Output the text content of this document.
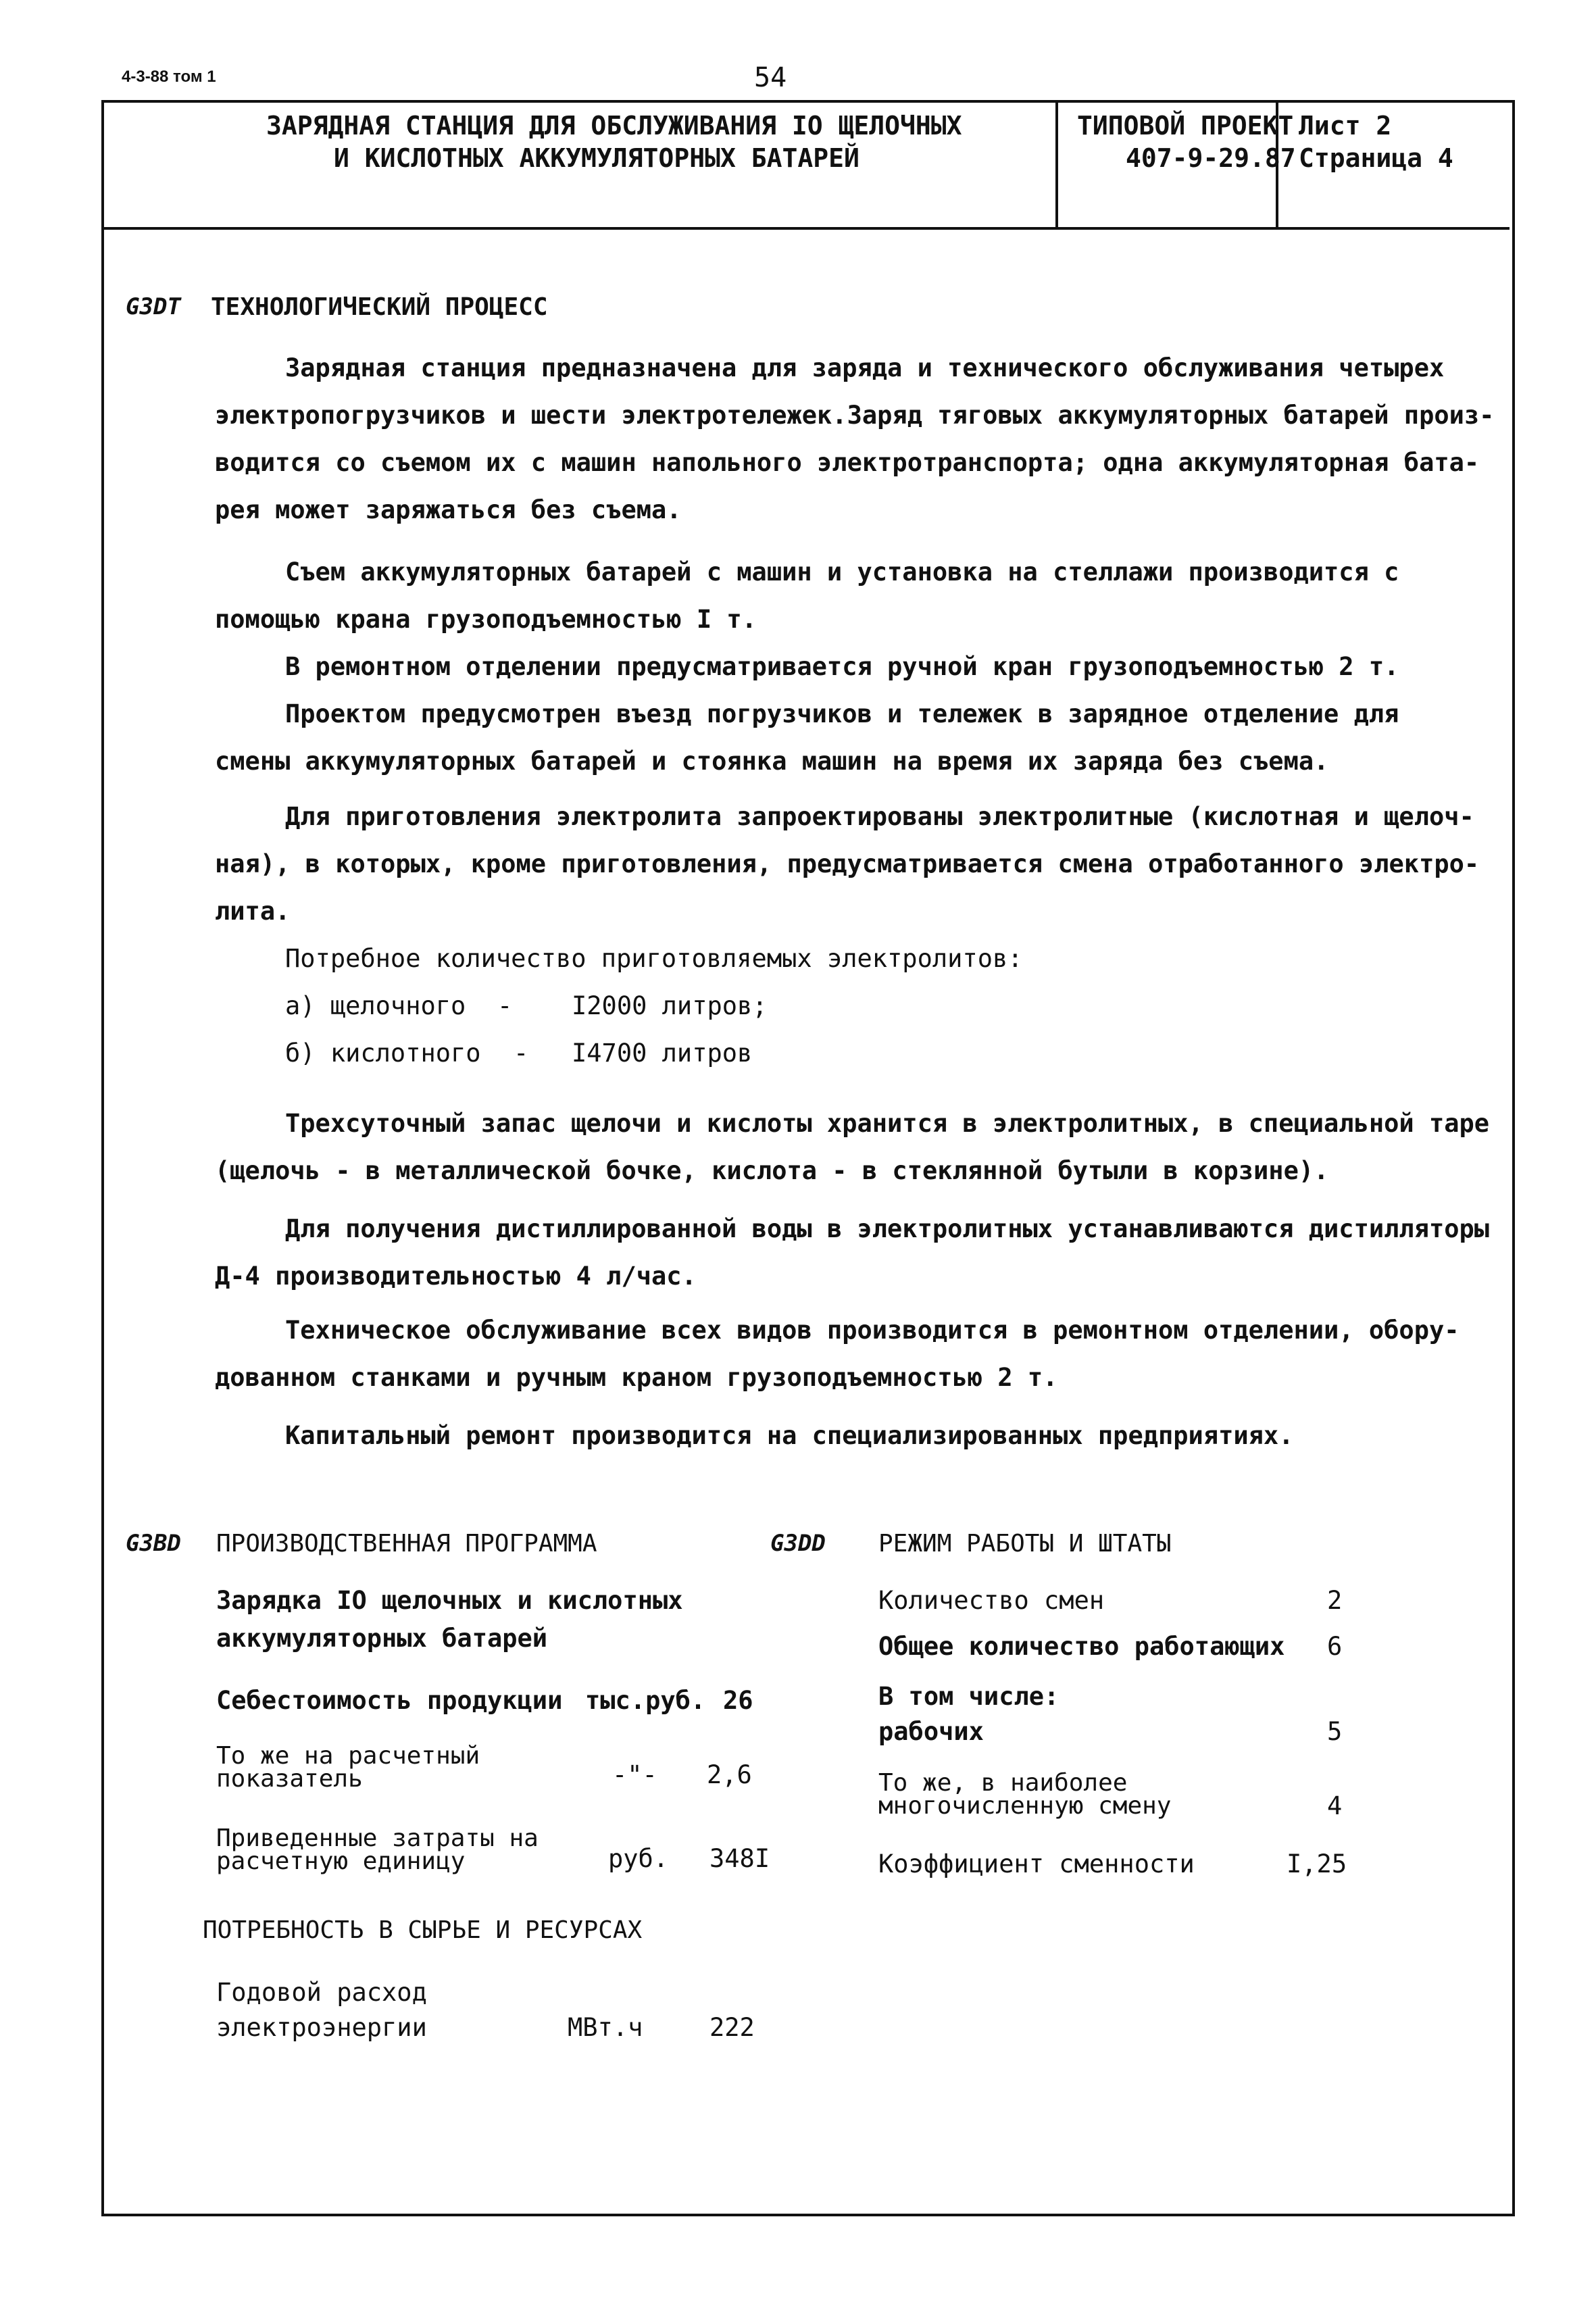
4-3-88 том 1	54
ЗАРЯДНАЯ СТАНЦИЯ ДЛЯ ОБСЛУЖИВАНИЯ IO ЩЕЛОЧНЫХ
И КИСЛОТНЫХ АККУМУЛЯТОРНЫХ БАТАРЕЙ
ТИПОВОЙ ПРОЕКТ
407-9-29.87
Лист 2
Страница 4
G3DT ТЕХНОЛОГИЧЕСКИЙ ПРОЦЕСС
Зарядная станция предназначена для заряда и технического обслуживания четырех
электропогрузчиков и шести электротележек.Заряд тяговых аккумуляторных батарей произ-
водится со съемом их с машин напольного электротранспорта; одна аккумуляторная бата-
рея может заряжаться без съема.
Съем аккумуляторных батарей с машин и установка на стеллажи производится с
помощью крана грузоподъемностью I т.
В ремонтном отделении предусматривается ручной кран грузоподъемностью 2 т.
Проектом предусмотрен въезд погрузчиков и тележек в зарядное отделение для
смены аккумуляторных батарей и стоянка машин на время их заряда без съема.
Для приготовления электролита запроектированы электролитные (кислотная и щелоч-
ная), в которых, кроме приготовления, предусматривается смена отработанного электро-
лита.
Потребное количество приготовляемых электролитов:
а) щелочного - I2000 литров;
б) кислотного - I4700 литров
Трехсуточный запас щелочи и кислоты хранится в электролитных, в специальной таре
(щелочь - в металлической бочке, кислота - в стеклянной бутыли в корзине).
Для получения дистиллированной воды в электролитных устанавливаются дистилляторы
Д-4 производительностью 4 л/час.
Техническое обслуживание всех видов производится в ремонтном отделении, обору-
дованном станками и ручным краном грузоподъемностью 2 т.
Капитальный ремонт производится на специализированных предприятиях.
G3BD ПРОИЗВОДСТВЕННАЯ ПРОГРАММА
Зарядка IO щелочных и кислотных
аккумуляторных батарей
Себестоимость продукции тыс.руб. 26
То же на расчетный
показатель	-"- 2,6
Приведенные затраты на
расчетную единицу	руб. 348I
ПОТРЕБНОСТЬ В СЫРЬЕ И РЕСУРСАХ
Годовой расход
электроэнергии	МВт.ч	222
G3DD РЕЖИМ РАБОТЫ И ШТАТЫ
Количество смен	2
Общее количество работающих 6
В том числе:
рабочих	5
То же, в наиболее
многочисленную смену	4
Коэффициент сменности	I,25
